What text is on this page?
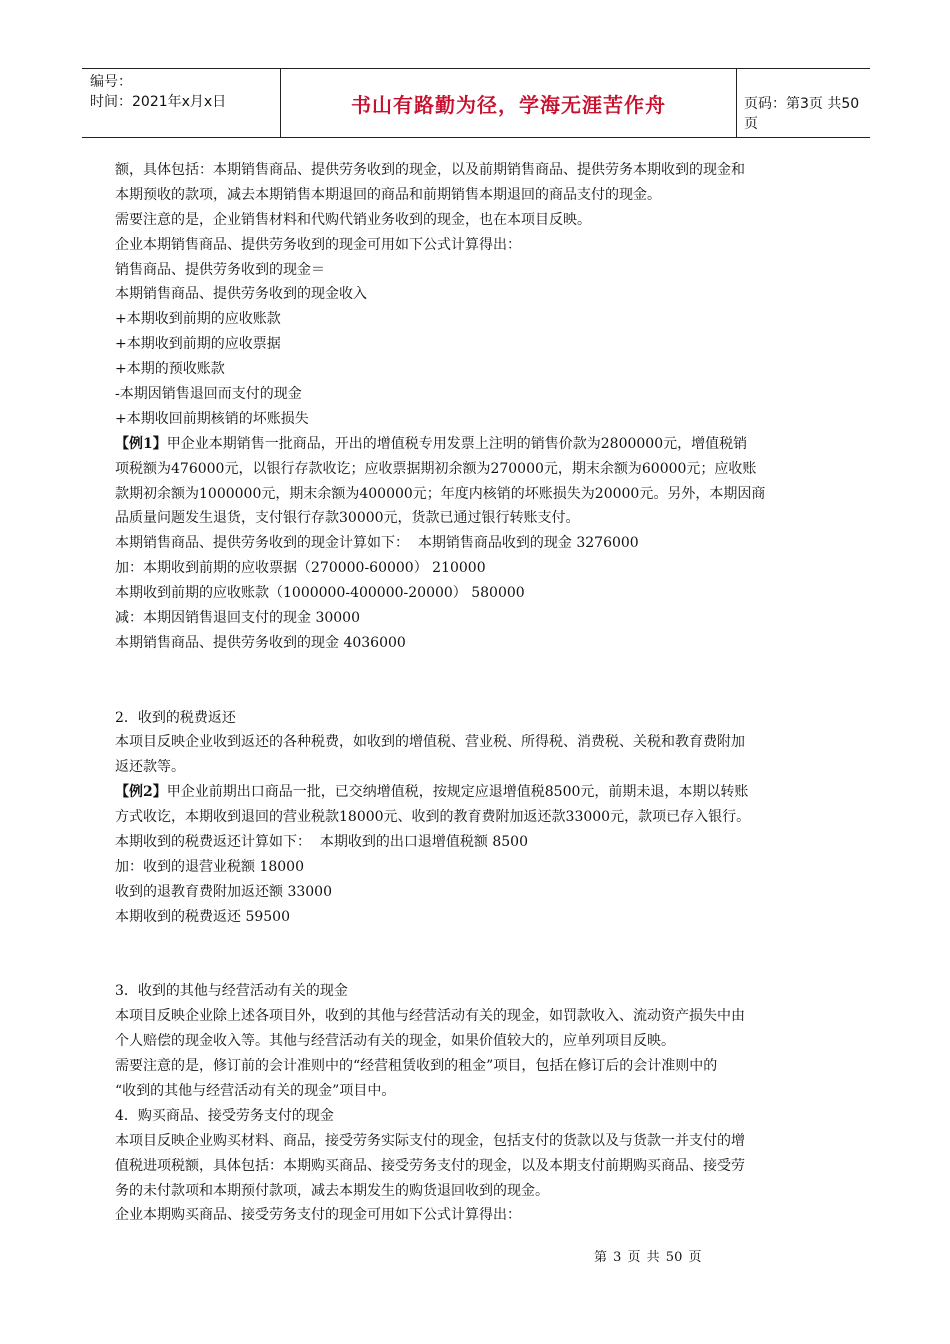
编号：
时间：2021年x月x日	书山有路勤为径，学海无涯苦作舟	页码：第3页 共50页
额，具体包括：本期销售商品、提供劳务收到的现金，以及前期销售商品、提供劳务本期收到的现金和
本期预收的款项，减去本期销售本期退回的商品和前期销售本期退回的商品支付的现金。
需要注意的是，企业销售材料和代购代销业务收到的现金，也在本项目反映。
企业本期销售商品、提供劳务收到的现金可用如下公式计算得出：
销售商品、提供劳务收到的现金＝
本期销售商品、提供劳务收到的现金收入
+本期收到前期的应收账款
+本期收到前期的应收票据
+本期的预收账款
-本期因销售退回而支付的现金
+本期收回前期核销的坏账损失
【例1】甲企业本期销售一批商品，开出的增值税专用发票上注明的销售价款为2800000元，增值税销
项税额为476000元，以银行存款收讫；应收票据期初余额为270000元，期末余额为60000元；应收账
款期初余额为1000000元，期末余额为400000元；年度内核销的坏账损失为20000元。另外，本期因商
品质量问题发生退货，支付银行存款30000元，货款已通过银行转账支付。
本期销售商品、提供劳务收到的现金计算如下：  本期销售商品收到的现金 3276000
加：本期收到前期的应收票据（270000-60000） 210000
本期收到前期的应收账款（1000000-400000-20000） 580000
减：本期因销售退回支付的现金 30000
本期销售商品、提供劳务收到的现金 4036000
2．收到的税费返还
本项目反映企业收到返还的各种税费，如收到的增值税、营业税、所得税、消费税、关税和教育费附加
返还款等。
【例2】甲企业前期出口商品一批，已交纳增值税，按规定应退增值税8500元，前期未退，本期以转账
方式收讫，本期收到退回的营业税款18000元、收到的教育费附加返还款33000元，款项已存入银行。
本期收到的税费返还计算如下：  本期收到的出口退增值税额 8500
加：收到的退营业税额 18000
收到的退教育费附加返还额 33000
本期收到的税费返还 59500
3．收到的其他与经营活动有关的现金
本项目反映企业除上述各项目外，收到的其他与经营活动有关的现金，如罚款收入、流动资产损失中由
个人赔偿的现金收入等。其他与经营活动有关的现金，如果价值较大的，应单列项目反映。
需要注意的是，修订前的会计准则中的“经营租赁收到的租金”项目，包括在修订后的会计准则中的
“收到的其他与经营活动有关的现金”项目中。
4．购买商品、接受劳务支付的现金
本项目反映企业购买材料、商品，接受劳务实际支付的现金，包括支付的货款以及与货款一并支付的增
值税进项税额，具体包括：本期购买商品、接受劳务支付的现金，以及本期支付前期购买商品、接受劳
务的未付款项和本期预付款项，减去本期发生的购货退回收到的现金。
企业本期购买商品、接受劳务支付的现金可用如下公式计算得出：
第 3 页 共 50 页
